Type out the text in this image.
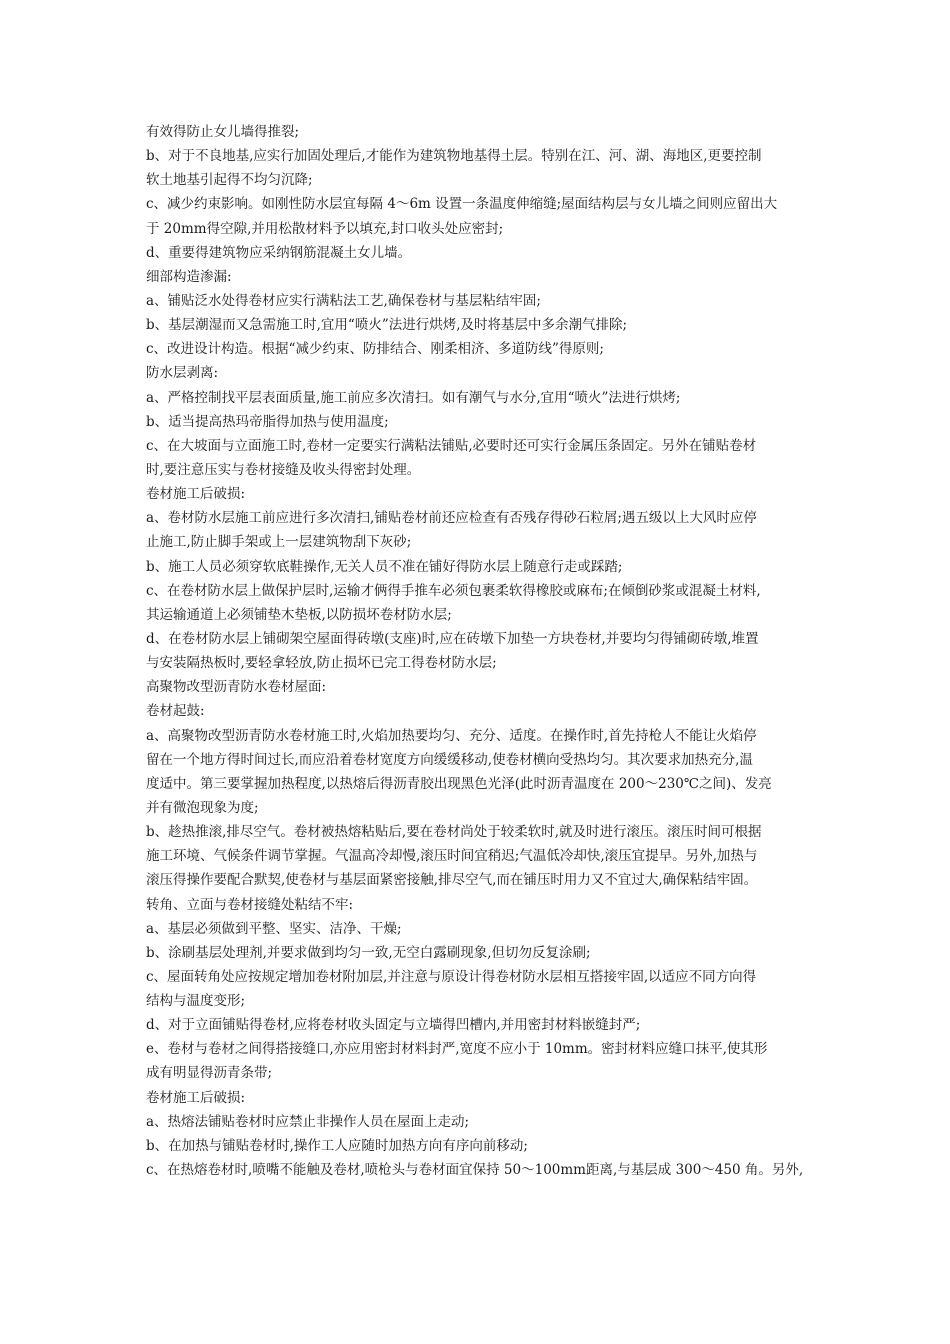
有效得防止女儿墙得推裂;

b、对于不良地基,应实行加固处理后,才能作为建筑物地基得土层。特别在江、河、湖、海地区,更要控制

软土地基引起得不均匀沉降;

c、减少约束影响。如刚性防水层宜每隔 4～6m 设置一条温度伸缩缝;屋面结构层与女儿墙之间则应留出大

于 20mm得空隙,并用松散材料予以填充,封口收头处应密封;

d、重要得建筑物应采纳钢筋混凝土女儿墙。

细部构造渗漏:

a、铺贴泛水处得卷材应实行满粘法工艺,确保卷材与基层粘结牢固;

b、基层潮湿而又急需施工时,宜用“喷火”法进行烘烤,及时将基层中多余潮气排除;

c、改进设计构造。根据“减少约束、防排结合、刚柔相济、多道防线”得原则;

防水层剥离:

a、严格控制找平层表面质量,施工前应多次清扫。如有潮气与水分,宜用“喷火”法进行烘烤;

b、适当提高热玛帝脂得加热与使用温度;

c、在大坡面与立面施工时,卷材一定要实行满粘法铺贴,必要时还可实行金属压条固定。另外在铺贴卷材

时,要注意压实与卷材接缝及收头得密封处理。

卷材施工后破损:

a、卷材防水层施工前应进行多次清扫,铺贴卷材前还应检查有否残存得砂石粒屑;遇五级以上大风时应停

止施工,防止脚手架或上一层建筑物刮下灰砂;

b、施工人员必须穿软底鞋操作,无关人员不准在铺好得防水层上随意行走或踩踏;

c、在卷材防水层上做保护层时,运输才俩得手推车必须包裹柔软得橡胶或麻布;在倾倒砂浆或混凝土材料,

其运输通道上必须铺垫木垫板,以防损坏卷材防水层;

d、在卷材防水层上铺砌架空屋面得砖墩(支座)时,应在砖墩下加垫一方块卷材,并要均匀得铺砌砖墩,堆置

与安装隔热板时,要轻拿轻放,防止损坏已完工得卷材防水层;

高聚物改型沥青防水卷材屋面:

卷材起鼓:

a、高聚物改型沥青防水卷材施工时,火焰加热要均匀、充分、适度。在操作时,首先持枪人不能让火焰停

留在一个地方得时间过长,而应沿着卷材宽度方向缓缓移动,使卷材横向受热均匀。其次要求加热充分,温

度适中。第三要掌握加热程度,以热熔后得沥青胶出现黑色光泽(此时沥青温度在 200～230℃之间)、发亮

并有微泡现象为度;

b、趁热推滚,排尽空气。卷材被热熔粘贴后,要在卷材尚处于较柔软时,就及时进行滚压。滚压时间可根据

施工环境、气候条件调节掌握。气温高冷却慢,滚压时间宜稍迟;气温低冷却快,滚压宜提早。另外,加热与

滚压得操作要配合默契,使卷材与基层面紧密接触,排尽空气,而在铺压时用力又不宜过大,确保粘结牢固。

转角、立面与卷材接缝处粘结不牢:

a、基层必须做到平整、坚实、洁净、干燥;

b、涂刷基层处理剂,并要求做到均匀一致,无空白露刷现象,但切勿反复涂刷;

c、屋面转角处应按规定增加卷材附加层,并注意与原设计得卷材防水层相互搭接牢固,以适应不同方向得

结构与温度变形;

d、对于立面铺贴得卷材,应将卷材收头固定与立墙得凹槽内,并用密封材料嵌缝封严;

e、卷材与卷材之间得搭接缝口,亦应用密封材料封严,宽度不应小于 10mm。密封材料应缝口抹平,使其形

成有明显得沥青条带;

卷材施工后破损:

a、热熔法铺贴卷材时应禁止非操作人员在屋面上走动;

b、在加热与铺贴卷材时,操作工人应随时加热方向有序向前移动;

c、在热熔卷材时,喷嘴不能触及卷材,喷枪头与卷材面宜保持 50～100mm距离,与基层成 300～450 角。另外,
